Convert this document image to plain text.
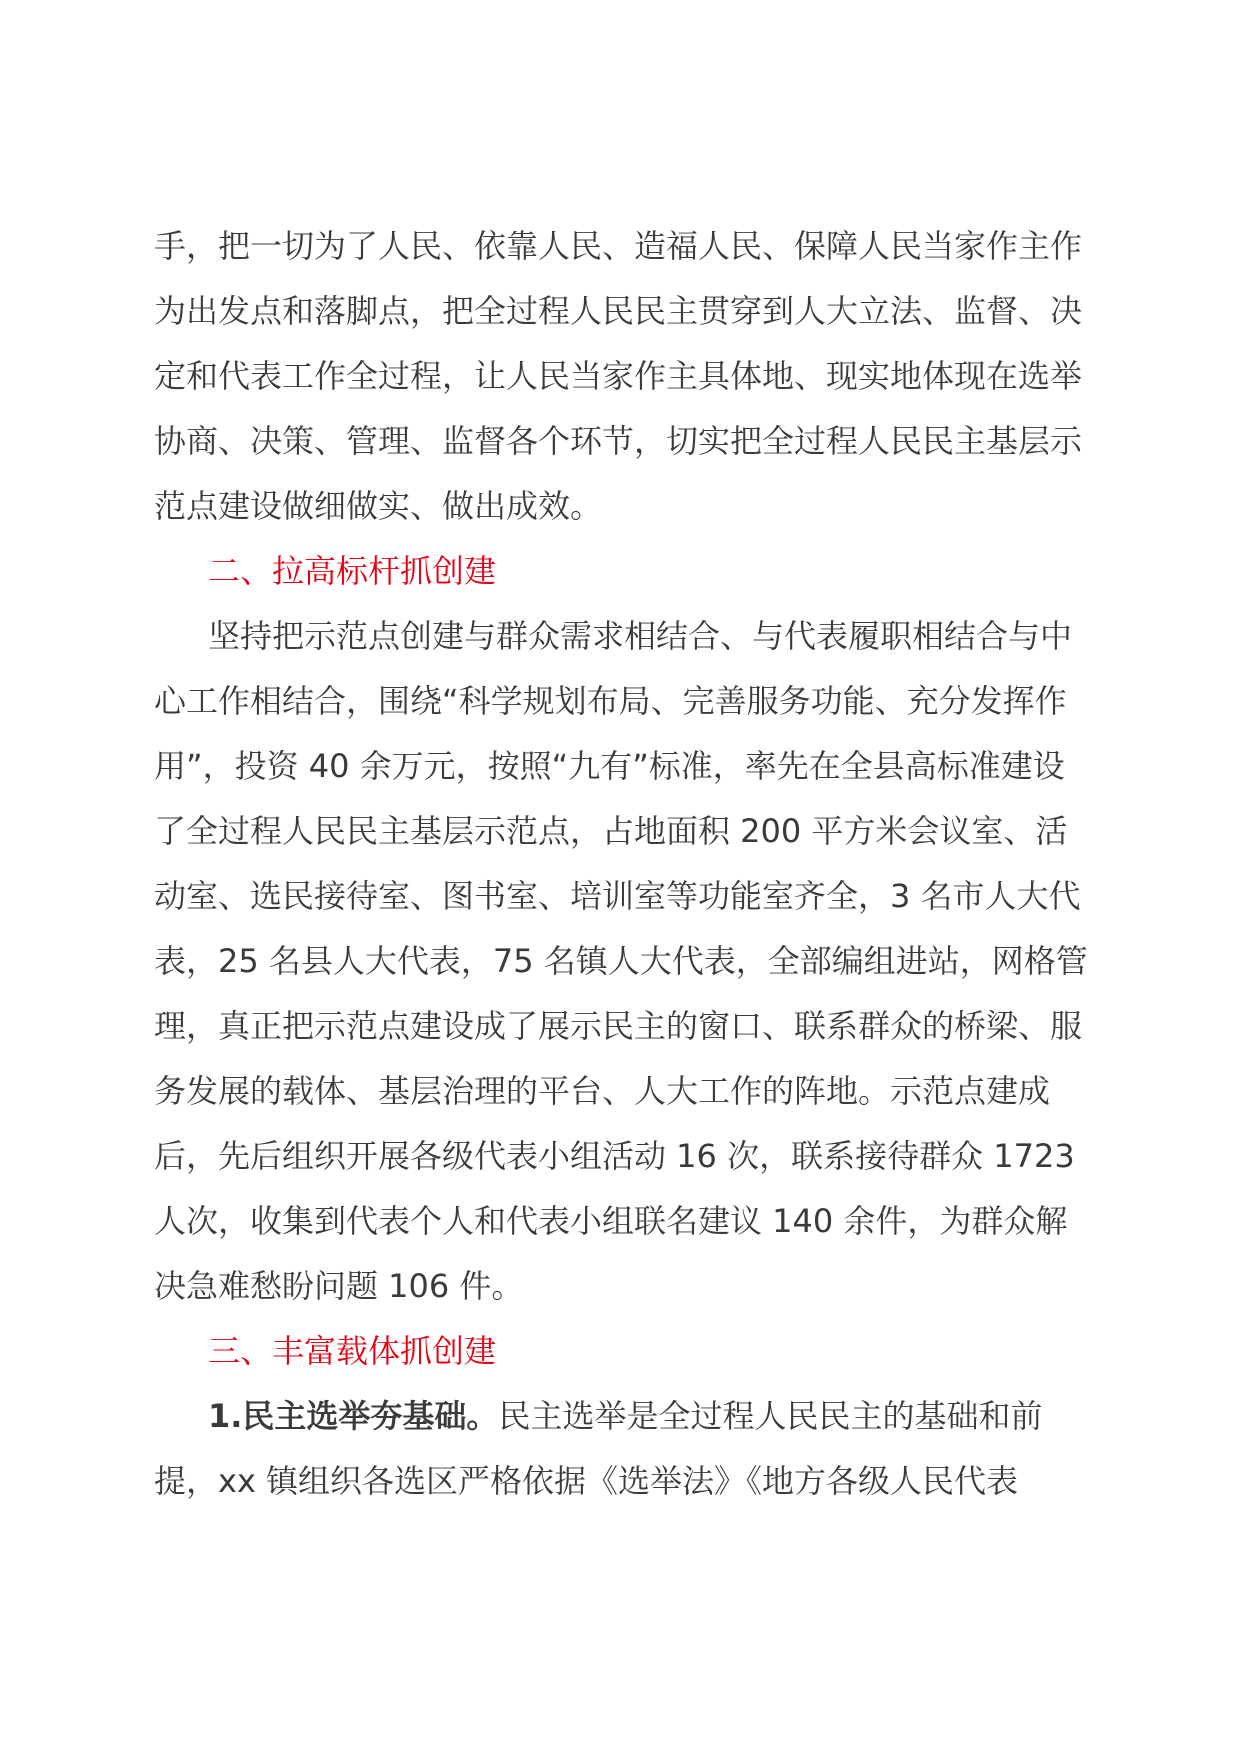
手，把一切为了人民、依靠人民、造福人民、保障人民当家作主作为出发点和落脚点，把全过程人民民主贯穿到人大立法、监督、决定和代表工作全过程，让人民当家作主具体地、现实地体现在选举协商、决策、管理、监督各个环节，切实把全过程人民民主基层示范点建设做细做实、做出成效。

二、拉高标杆抓创建

坚持把示范点创建与群众需求相结合、与代表履职相结合与中心工作相结合，围绕“科学规划布局、完善服务功能、充分发挥作用”，投资 40 余万元，按照“九有”标准，率先在全县高标准建设了全过程人民民主基层示范点，占地面积 200 平方米会议室、活动室、选民接待室、图书室、培训室等功能室齐全，3 名市人大代表，25 名县人大代表，75 名镇人大代表，全部编组进站，网格管理，真正把示范点建设成了展示民主的窗口、联系群众的桥梁、服务发展的载体、基层治理的平台、人大工作的阵地。示范点建成后，先后组织开展各级代表小组活动 16 次，联系接待群众 1723 人次，收集到代表个人和代表小组联名建议 140 余件，为群众解决急难愁盼问题 106 件。

三、丰富载体抓创建

1.民主选举夯基础。民主选举是全过程人民民主的基础和前提，xx 镇组织各选区严格依据《选举法》《地方各级人民代表
